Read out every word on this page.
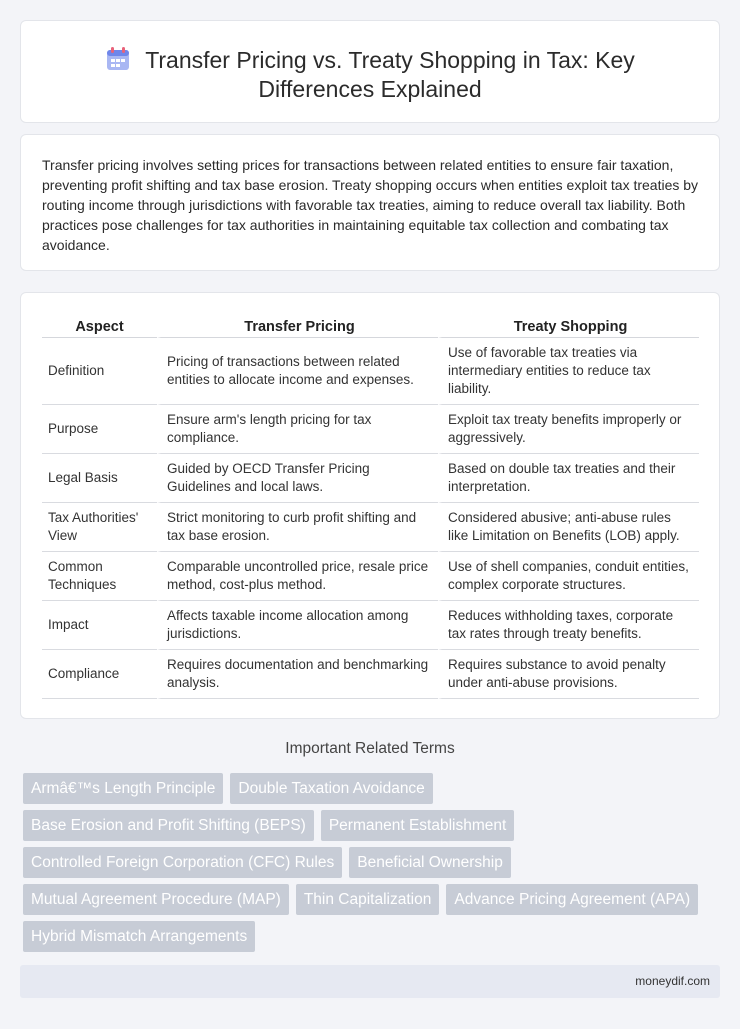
Transfer Pricing vs. Treaty Shopping in Tax: Key
Differences Explained

Transfer pricing involves setting prices for transactions between related entities to ensure fair taxation, preventing profit shifting and tax base erosion. Treaty shopping occurs when entities exploit tax treaties by routing income through jurisdictions with favorable tax treaties, aiming to reduce overall tax liability. Both practices pose challenges for tax authorities in maintaining equitable tax collection and combating tax avoidance.

Aspect	Transfer Pricing	Treaty Shopping
Definition	Pricing of transactions between related entities to allocate income and expenses.	Use of favorable tax treaties via intermediary entities to reduce tax liability.
Purpose	Ensure arm's length pricing for tax compliance.	Exploit tax treaty benefits improperly or aggressively.
Legal Basis	Guided by OECD Transfer Pricing Guidelines and local laws.	Based on double tax treaties and their interpretation.
Tax Authorities' View	Strict monitoring to curb profit shifting and tax base erosion.	Considered abusive; anti-abuse rules like Limitation on Benefits (LOB) apply.
Common Techniques	Comparable uncontrolled price, resale price method, cost-plus method.	Use of shell companies, conduit entities, complex corporate structures.
Impact	Affects taxable income allocation among jurisdictions.	Reduces withholding taxes, corporate tax rates through treaty benefits.
Compliance	Requires documentation and benchmarking analysis.	Requires substance to avoid penalty under anti-abuse provisions.
Important Related Terms
Armâ€™s Length Principle	Double Taxation Avoidance
Base Erosion and Profit Shifting (BEPS)	Permanent Establishment
Controlled Foreign Corporation (CFC) Rules	Beneficial Ownership
Mutual Agreement Procedure (MAP)	Thin Capitalization	Advance Pricing Agreement (APA)
Hybrid Mismatch Arrangements
moneydif.com
